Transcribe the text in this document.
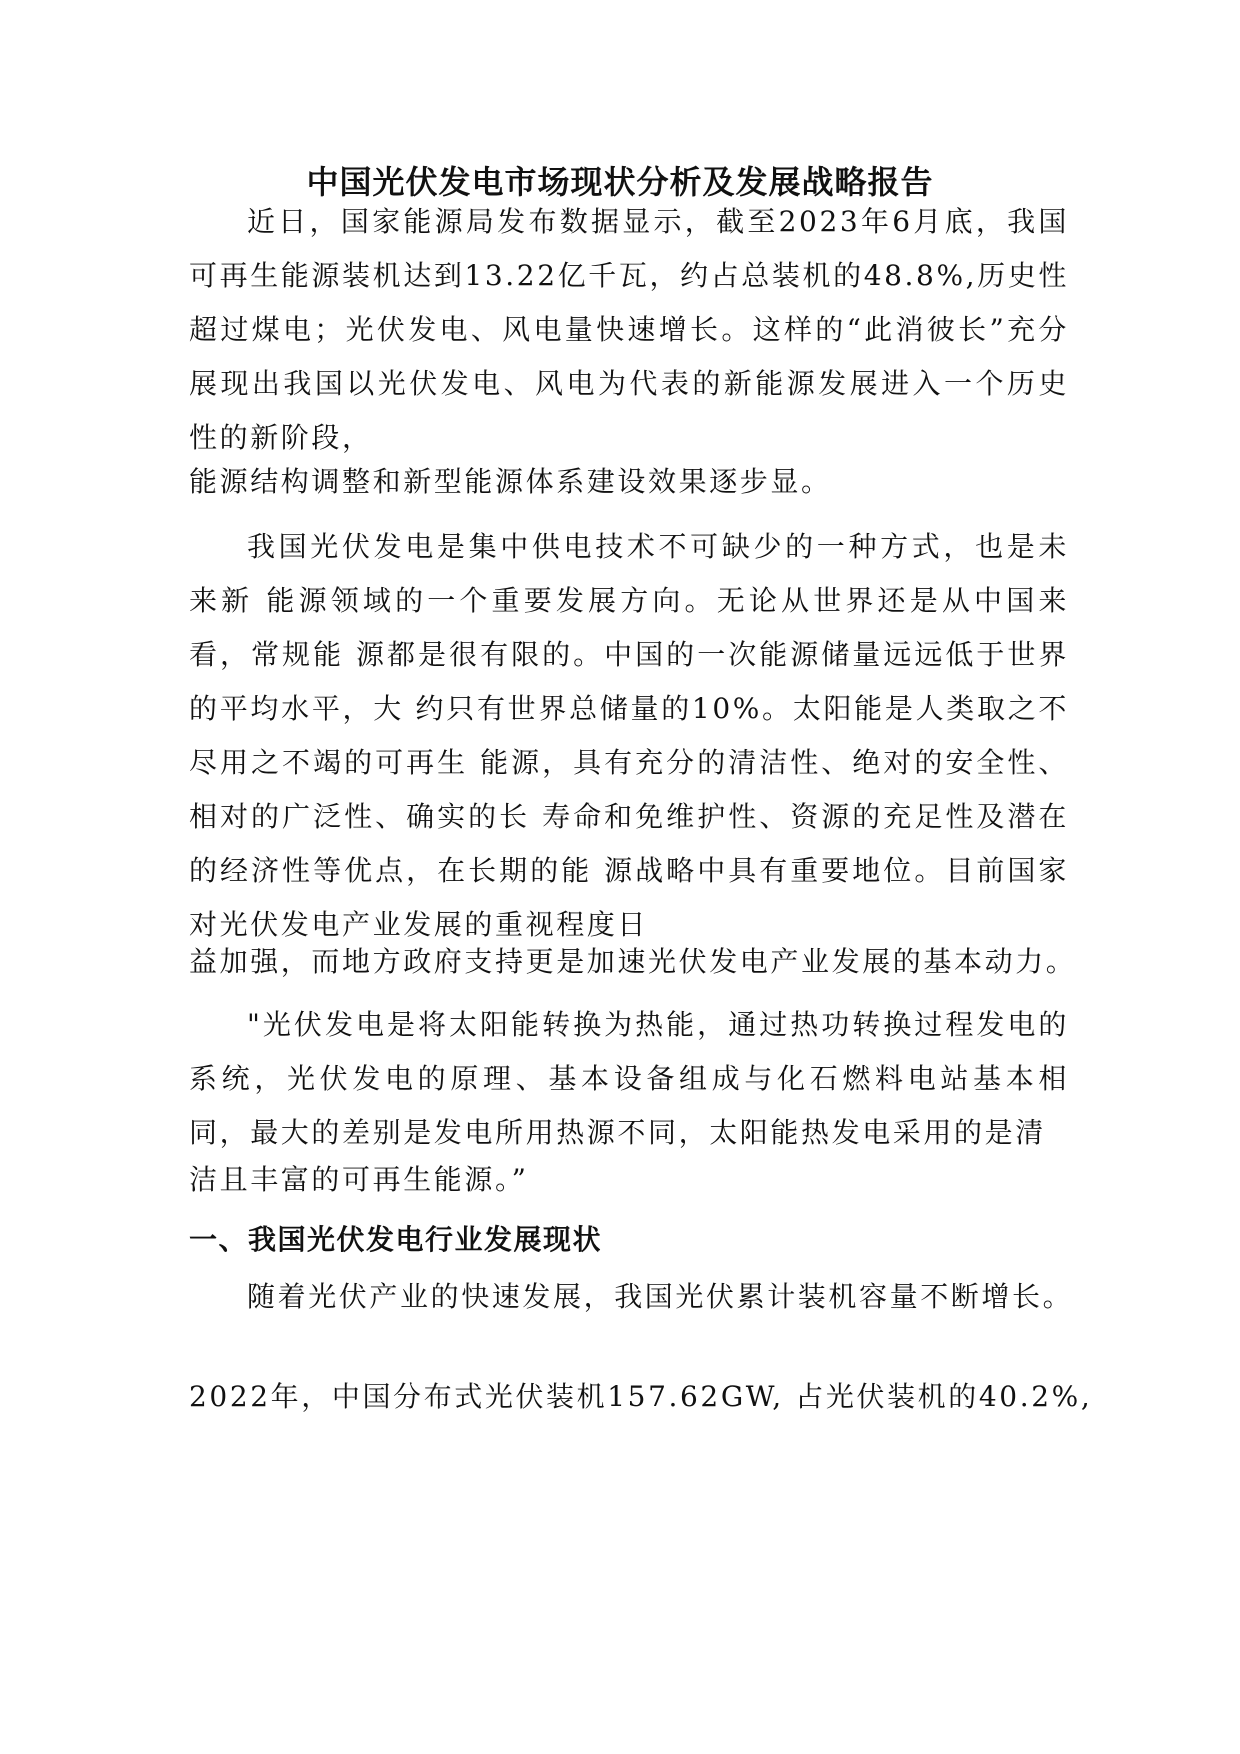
中国光伏发电市场现状分析及发展战略报告

近日，国家能源局发布数据显示，截至2023年6月底，我国可再生能源装机达到13.22亿千瓦，约占总装机的48.8%,历史性超过煤电；光伏发电、风电量快速增长。这样的“此消彼长”充分展现出我国以光伏发电、风电为代表的新能源发展进入一个历史性的新阶段，

能源结构调整和新型能源体系建设效果逐步显。

我国光伏发电是集中供电技术不可缺少的一种方式，也是未来新 能源领域的一个重要发展方向。无论从世界还是从中国来看，常规能 源都是很有限的。中国的一次能源储量远远低于世界的平均水平，大 约只有世界总储量的10%。太阳能是人类取之不尽用之不竭的可再生 能源，具有充分的清洁性、绝对的安全性、相对的广泛性、确实的长 寿命和免维护性、资源的充足性及潜在的经济性等优点，在长期的能 源战略中具有重要地位。目前国家对光伏发电产业发展的重视程度日

益加强，而地方政府支持更是加速光伏发电产业发展的基本动力。

"光伏发电是将太阳能转换为热能，通过热功转换过程发电的系统，光伏发电的原理、基本设备组成与化石燃料电站基本相同，最大的差别是发电所用热源不同，太阳能热发电采用的是清

洁且丰富的可再生能源。”

一、我国光伏发电行业发展现状

随着光伏产业的快速发展，我国光伏累计装机容量不断增长。

2022年，中国分布式光伏装机157.62GW, 占光伏装机的40.2%,
